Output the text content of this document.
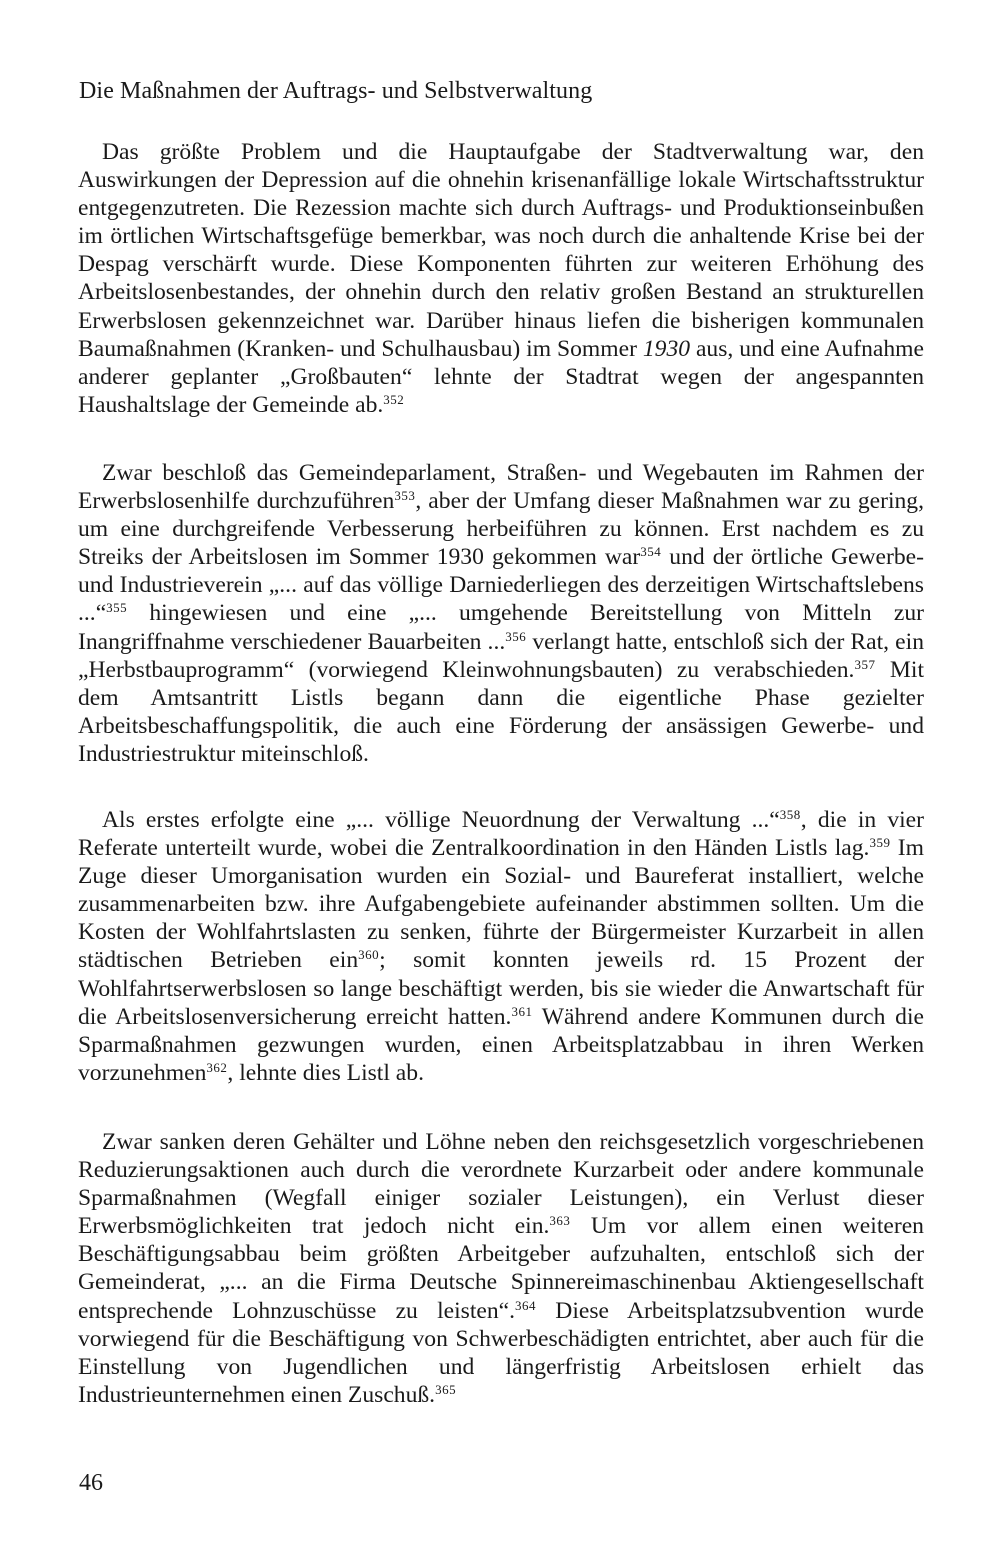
Die Maßnahmen der Auftrags- und Selbstverwaltung

Das größte Problem und die Hauptaufgabe der Stadtverwaltung war, den Auswirkungen der Depression auf die ohnehin krisenanfällige lokale Wirtschaftsstruktur entgegenzutreten. Die Rezession machte sich durch Auftrags- und Produktionseinbußen im örtlichen Wirtschaftsgefüge bemerkbar, was noch durch die anhaltende Krise bei der Despag verschärft wurde. Diese Komponenten führten zur weiteren Erhöhung des Arbeitslosenbestandes, der ohnehin durch den relativ großen Bestand an strukturellen Erwerbslosen gekennzeichnet war. Darüber hinaus liefen die bisherigen kommunalen Baumaßnahmen (Kranken- und Schulhausbau) im Sommer 1930 aus, und eine Aufnahme anderer geplanter „Großbauten“ lehnte der Stadtrat wegen der angespannten Haushaltslage der Gemeinde ab.$^{352}$

Zwar beschloß das Gemeindeparlament, Straßen- und Wegebauten im Rahmen der Erwerbslosenhilfe durchzuführen$^{353}$, aber der Umfang dieser Maßnahmen war zu gering, um eine durchgreifende Verbesserung herbeiführen zu können. Erst nachdem es zu Streiks der Arbeitslosen im Sommer 1930 gekommen war$^{354}$ und der örtliche Gewerbe- und Industrieverein „... auf das völlige Darniederliegen des derzeitigen Wirtschaftslebens ...“$^{355}$ hingewiesen und eine „... umgehende Bereitstellung von Mitteln zur Inangriffnahme verschiedener Bauarbeiten ...$^{356}$ verlangt hatte, entschloß sich der Rat, ein „Herbstbauprogramm“ (vorwiegend Kleinwohnungsbauten) zu verabschieden.$^{357}$ Mit dem Amtsantritt Listls begann dann die eigentliche Phase gezielter Arbeitsbeschaffungspolitik, die auch eine Förderung der ansässigen Gewerbe- und Industriestruktur miteinschloß.

Als erstes erfolgte eine „... völlige Neuordnung der Verwaltung ...“$^{358}$, die in vier Referate unterteilt wurde, wobei die Zentralkoordination in den Händen Listls lag.$^{359}$ Im Zuge dieser Umorganisation wurden ein Sozial- und Baureferat installiert, welche zusammenarbeiten bzw. ihre Aufgabengebiete aufeinander abstimmen sollten. Um die Kosten der Wohlfahrtslasten zu senken, führte der Bürgermeister Kurzarbeit in allen städtischen Betrieben ein$^{360}$; somit konnten jeweils rd. 15 Prozent der Wohlfahrtserwerbslosen so lange beschäftigt werden, bis sie wieder die Anwartschaft für die Arbeitslosenversicherung erreicht hatten.$^{361}$ Während andere Kommunen durch die Sparmaßnahmen gezwungen wurden, einen Arbeitsplatzabbau in ihren Werken vorzunehmen$^{362}$, lehnte dies Listl ab.

Zwar sanken deren Gehälter und Löhne neben den reichsgesetzlich vorgeschriebenen Reduzierungsaktionen auch durch die verordnete Kurzarbeit oder andere kommunale Sparmaßnahmen (Wegfall einiger sozialer Leistungen), ein Verlust dieser Erwerbsmöglichkeiten trat jedoch nicht ein.$^{363}$ Um vor allem einen weiteren Beschäftigungsabbau beim größten Arbeitgeber aufzuhalten, entschloß sich der Gemeinderat, „... an die Firma Deutsche Spinnereimaschinenbau Aktiengesellschaft entsprechende Lohnzuschüsse zu leisten“.$^{364}$ Diese Arbeitsplatzsubvention wurde vorwiegend für die Beschäftigung von Schwerbeschädigten entrichtet, aber auch für die Einstellung von Jugendlichen und längerfristig Arbeitslosen erhielt das Industrieunternehmen einen Zuschuß.$^{365}$

46
